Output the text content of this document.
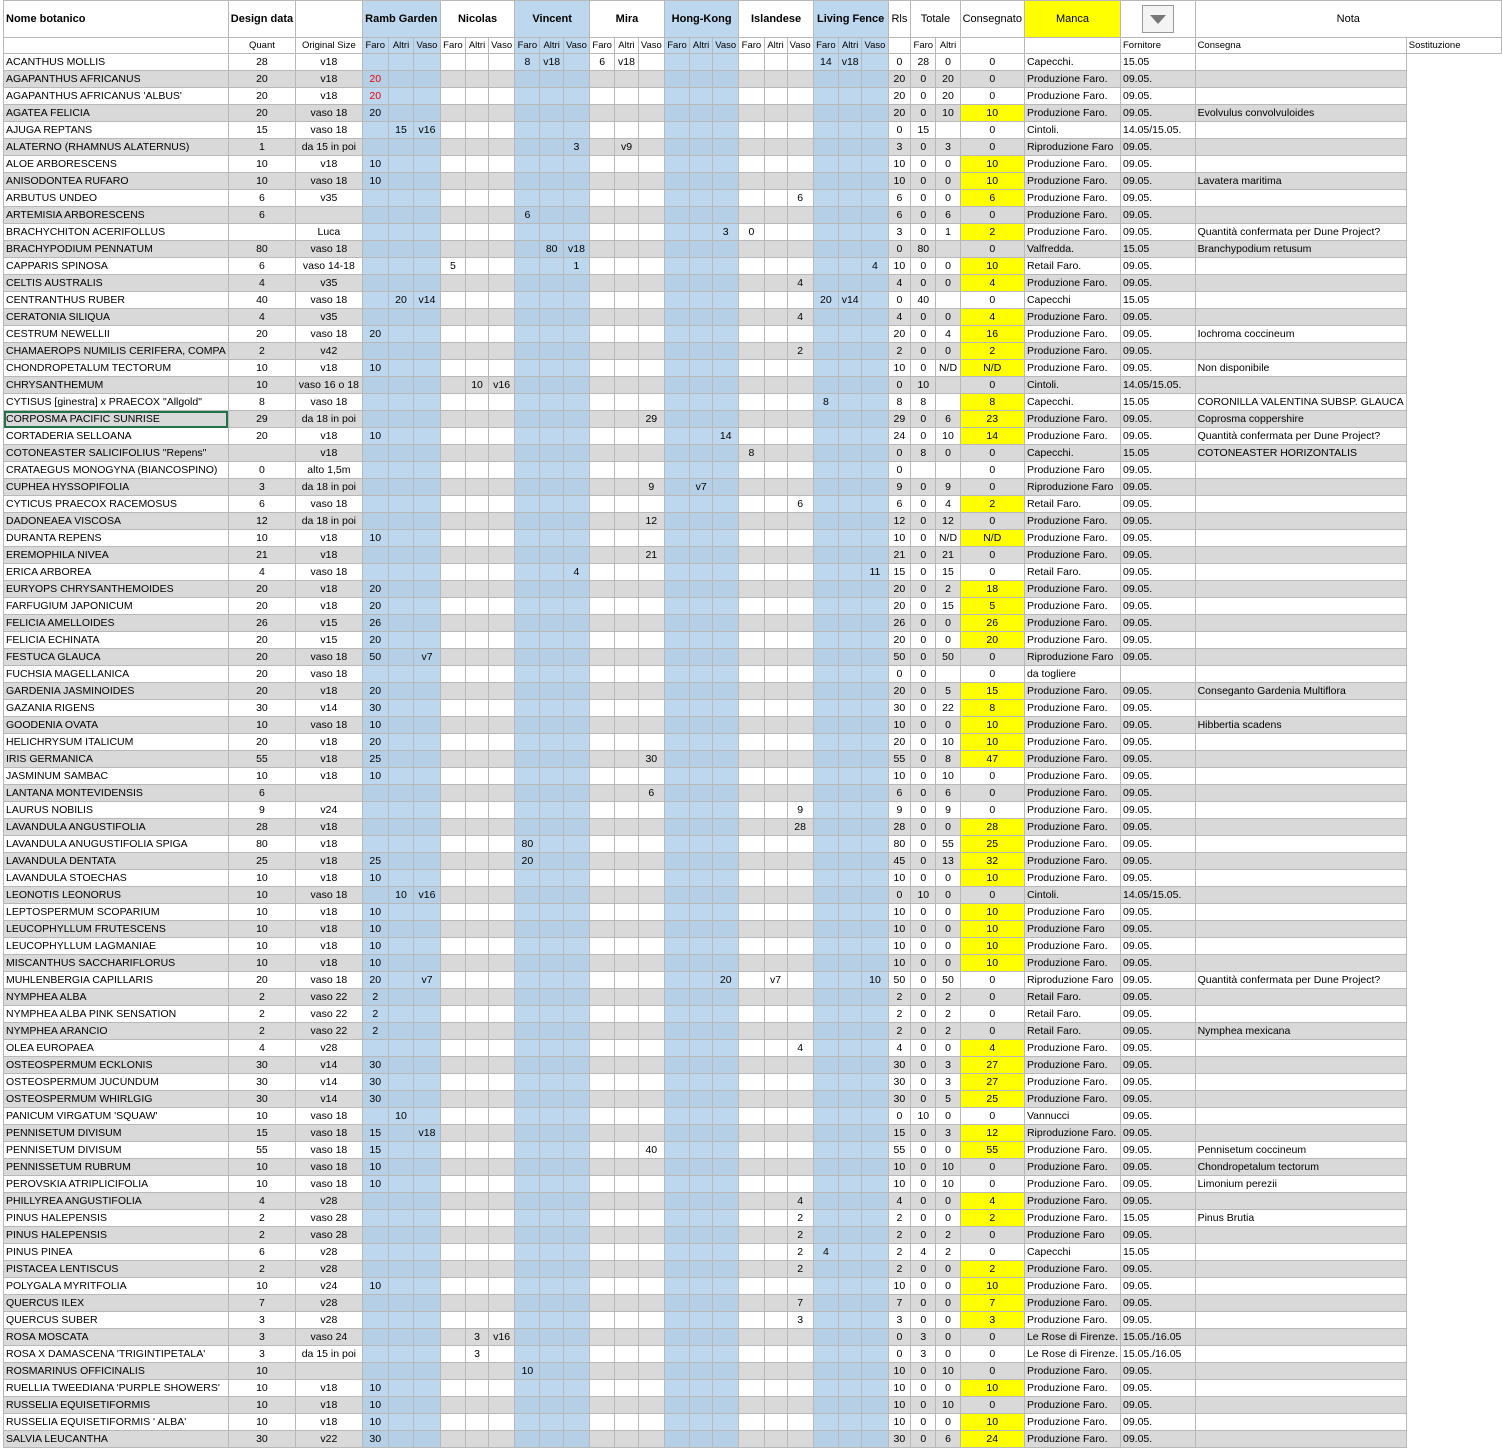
Nome botanico	Design data		Ramb Garden			Nicolas			Vincent			Mira			Hong-Kong			Islandese			Living Fence			Rls	Totale		Consegnato	Manca		Nota	
	Quant	Original Size	Faro	Altri	Vaso	Faro	Altri	Vaso	Faro	Altri	Vaso	Faro	Altri	Vaso	Faro	Altri	Vaso	Faro	Altri	Vaso	Faro	Altri	Vaso		Faro	Altri			Fornitore	Consegna	Sostituzione
ACANTHUS MOLLIS	28	v18							8	v18		6	v18								14	v18		0	28	0	0	Capecchi.	15.05		
AGAPANTHUS AFRICANUS	20	v18	20																					20	0	20	0	Produzione Faro.	09.05.		
AGAPANTHUS AFRICANUS 'ALBUS'	20	v18	20																					20	0	20	0	Produzione Faro.	09.05.		
AGATEA FELICIA	20	vaso 18	20																					20	0	10	10	Produzione Faro.	09.05.	Evolvulus convolvuloides	
AJUGA REPTANS	15	vaso 18		15	v16																			0	15		0	Cintoli.	14.05/15.05.		
ALATERNO (RHAMNUS ALATERNUS)	1	da 15 in poi									3		v9											3	0	3	0	Riproduzione Faro	09.05.		
ALOE ARBORESCENS	10	v18	10																					10	0	0	10	Produzione Faro.	09.05.		
ANISODONTEA RUFARO	10	vaso 18	10																					10	0	0	10	Produzione Faro.	09.05.	Lavatera maritima	
ARBUTUS UNDEO	6	v35																		6				6	0	0	6	Produzione Faro.	09.05.		
ARTEMISIA ARBORESCENS	6								6															6	0	6	0	Produzione Faro.	09.05.		
BRACHYCHITON ACERIFOLLUS		Luca															3	0						3	0	1	2	Produzione Faro.	09.05.	Quantità confermata per Dune Project?	
BRACHYPODIUM PENNATUM	80	vaso 18								80	v18													0	80		0	Valfredda.	15.05	Branchypodium retusum	
CAPPARIS SPINOSA	6	vaso 14-18				5					1												4	10	0	0	10	Retail Faro.	09.05.		
CELTIS AUSTRALIS	4	v35																		4				4	0	0	4	Produzione Faro.	09.05.		
CENTRANTHUS RUBER	40	vaso 18		20	v14																20	v14		0	40		0	Capecchi	15.05		
CERATONIA SILIQUA	4	v35																		4				4	0	0	4	Produzione Faro.	09.05.		
CESTRUM NEWELLII	20	vaso 18	20																					20	0	4	16	Produzione Faro.	09.05.	Iochroma coccineum	
CHAMAEROPS NUMILIS CERIFERA, COMPA	2	v42																		2				2	0	0	2	Produzione Faro.	09.05.		
CHONDROPETALUM TECTORUM	10	v18	10																					10	0	N/D	N/D	Produzione Faro.	09.05.	Non disponibile	
CHRYSANTHEMUM	10	vaso 16 o 18					10	v16																0	10		0	Cintoli.	14.05/15.05.		
CYTISUS [ginestra] x PRAECOX "Allgold"	8	vaso 18																			8			8	8		8	Capecchi.	15.05	CORONILLA VALENTINA SUBSP. GLAUCA	
CORPOSMA PACIFIC SUNRISE	29	da 18 in poi												29										29	0	6	23	Produzione Faro.	09.05.	Coprosma coppershire	
CORTADERIA SELLOANA	20	v18	10														14							24	0	10	14	Produzione Faro.	09.05.	Quantità confermata per Dune Project?	
COTONEASTER SALICIFOLIUS "Repens"		v18																8						0	8	0	0	Capecchi.	15.05	COTONEASTER HORIZONTALIS	
CRATAEGUS MONOGYNA (BIANCOSPINO)	0	alto 1,5m																						0			0	Produzione Faro	09.05.		
CUPHEA HYSSOPIFOLIA	3	da 18 in poi												9		v7								9	0	9	0	Riproduzione Faro	09.05.		
CYTICUS PRAECOX RACEMOSUS	6	vaso 18																		6				6	0	4	2	Retail Faro.	09.05.		
DADONEAEA VISCOSA	12	da 18 in poi												12										12	0	12	0	Produzione Faro.	09.05.		
DURANTA REPENS	10	v18	10																					10	0	N/D	N/D	Produzione Faro.	09.05.		
EREMOPHILA NIVEA	21	v18												21										21	0	21	0	Produzione Faro.	09.05.		
ERICA ARBOREA	4	vaso 18									4												11	15	0	15	0	Retail Faro.	09.05.		
EURYOPS CHRYSANTHEMOIDES	20	v18	20																					20	0	2	18	Produzione Faro.	09.05.		
FARFUGIUM JAPONICUM	20	v18	20																					20	0	15	5	Produzione Faro.	09.05.		
FELICIA AMELLOIDES	26	v15	26																					26	0	0	26	Produzione Faro.	09.05.		
FELICIA ECHINATA	20	v15	20																					20	0	0	20	Produzione Faro.	09.05.		
FESTUCA GLAUCA	20	vaso 18	50		v7																			50	0	50	0	Riproduzione Faro	09.05.		
FUCHSIA MAGELLANICA	20	vaso 18																						0	0		0	da togliere			
GARDENIA JASMINOIDES	20	v18	20																					20	0	5	15	Produzione Faro.	09.05.	Conseganto Gardenia Multiflora	
GAZANIA RIGENS	30	v14	30																					30	0	22	8	Produzione Faro.	09.05.		
GOODENIA OVATA	10	vaso 18	10																					10	0	0	10	Produzione Faro.	09.05.	Hibbertia scadens	
HELICHRYSUM ITALICUM	20	v18	20																					20	0	10	10	Produzione Faro.	09.05.		
IRIS GERMANICA	55	v18	25											30										55	0	8	47	Produzione Faro.	09.05.		
JASMINUM SAMBAC	10	v18	10																					10	0	10	0	Produzione Faro.	09.05.		
LANTANA MONTEVIDENSIS	6													6										6	0	6	0	Produzione Faro.	09.05.		
LAURUS NOBILIS	9	v24																		9				9	0	9	0	Produzione Faro.	09.05.		
LAVANDULA ANGUSTIFOLIA	28	v18																		28				28	0	0	28	Produzione Faro.	09.05.		
LAVANDULA ANUGUSTIFOLIA SPIGA	80	v18							80															80	0	55	25	Produzione Faro.	09.05.		
LAVANDULA DENTATA	25	v18	25						20															45	0	13	32	Produzione Faro.	09.05.		
LAVANDULA STOECHAS	10	v18	10																					10	0	0	10	Produzione Faro.	09.05.		
LEONOTIS LEONORUS	10	vaso 18		10	v16																			0	10	0	0	Cintoli.	14.05/15.05.		
LEPTOSPERMUM SCOPARIUM	10	v18	10																					10	0	0	10	Produzione Faro	09.05.		
LEUCOPHYLLUM FRUTESCENS	10	v18	10																					10	0	0	10	Produzione Faro	09.05.		
LEUCOPHYLLUM LAGMANIAE	10	v18	10																					10	0	0	10	Produzione Faro.	09.05.		
MISCANTHUS SACCHARIFLORUS	10	v18	10																					10	0	0	10	Produzione Faro.	09.05.		
MUHLENBERGIA CAPILLARIS	20	vaso 18	20		v7												20		v7				10	50	0	50	0	Riproduzione Faro	09.05.	Quantità confermata per Dune Project?	
NYMPHEA ALBA	2	vaso 22	2																					2	0	2	0	Retail Faro.	09.05.		
NYMPHEA ALBA PINK SENSATION	2	vaso 22	2																					2	0	2	0	Retail Faro.	09.05.		
NYMPHEA ARANCIO	2	vaso 22	2																					2	0	2	0	Retail Faro.	09.05.	Nymphea mexicana	
OLEA EUROPAEA	4	v28																		4				4	0	0	4	Produzione Faro.	09.05.		
OSTEOSPERMUM ECKLONIS	30	v14	30																					30	0	3	27	Produzione Faro.	09.05.		
OSTEOSPERMUM JUCUNDUM	30	v14	30																					30	0	3	27	Produzione Faro.	09.05.		
OSTEOSPERMUM WHIRLGIG	30	v14	30																					30	0	5	25	Produzione Faro.	09.05.		
PANICUM VIRGATUM 'SQUAW'	10	vaso 18		10																				0	10	0	0	Vannucci	09.05.		
PENNISETUM DIVISUM	15	vaso 18	15		v18																			15	0	3	12	Riproduzione Faro.	09.05.		
PENNISETUM DIVISUM	55	vaso 18	15											40										55	0	0	55	Produzione Faro.	09.05.	Pennisetum coccineum	
PENNISSETUM RUBRUM	10	vaso 18	10																					10	0	10	0	Produzione Faro.	09.05.	Chondropetalum tectorum	
PEROVSKIA ATRIPLICIFOLIA	10	vaso 18	10																					10	0	10	0	Produzione Faro.	09.05.	Limonium perezii	
PHILLYREA ANGUSTIFOLIA	4	v28																		4				4	0	0	4	Produzione Faro.	09.05.		
PINUS HALEPENSIS	2	vaso 28																		2				2	0	0	2	Produzione Faro.	15.05	Pinus Brutia	
PINUS HALEPENSIS	2	vaso 28																		2				2	0	2	0	Produzione Faro	09.05.		
PINUS PINEA	6	v28																		2	4			2	4	2	0	Capecchi	15.05		
PISTACEA LENTISCUS	2	v28																		2				2	0	0	2	Produzione Faro.	09.05.		
POLYGALA MYRITFOLIA	10	v24	10																					10	0	0	10	Produzione Faro.	09.05.		
QUERCUS ILEX	7	v28																		7				7	0	0	7	Produzione Faro.	09.05.		
QUERCUS SUBER	3	v28																		3				3	0	0	3	Produzione Faro.	09.05.		
ROSA MOSCATA	3	vaso 24					3	v16																0	3	0	0	Le Rose di Firenze.	15.05./16.05		
ROSA X DAMASCENA 'TRIGINTIPETALA'	3	da 15 in poi					3																	0	3	0	0	Le Rose di Firenze.	15.05./16.05		
ROSMARINUS OFFICINALIS	10								10															10	0	10	0	Produzione Faro.	09.05.		
RUELLIA TWEEDIANA 'PURPLE SHOWERS'	10	v18	10																					10	0	0	10	Produzione Faro.	09.05.		
RUSSELIA EQUISETIFORMIS	10	v18	10																					10	0	10	0	Produzione Faro.	09.05.		
RUSSELIA EQUISETIFORMIS ' ALBA'	10	v18	10																					10	0	0	10	Produzione Faro.	09.05.		
SALVIA LEUCANTHA	30	v22	30																					30	0	6	24	Produzione Faro.	09.05.		
